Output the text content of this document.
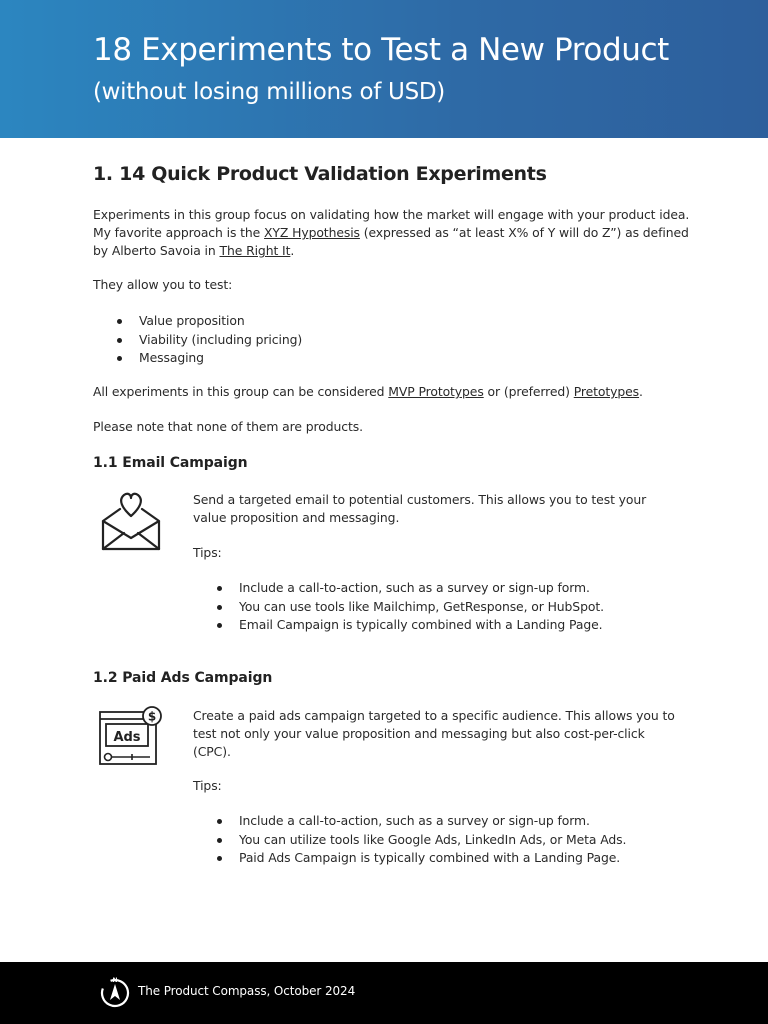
18 Experiments to Test a New Product
(without losing millions of USD)
1. 14 Quick Product Validation Experiments

Experiments in this group focus on validating how the market will engage with your product idea. My favorite approach is the XYZ Hypothesis (expressed as “at least X% of Y will do Z”) as defined by Alberto Savoia in The Right It.

They allow you to test:

Value proposition
Viability (including pricing)
Messaging

All experiments in this group can be considered MVP Prototypes or (preferred) Pretotypes.

Please note that none of them are products.

1.1 Email Campaign

Send a targeted email to potential customers. This allows you to test your value proposition and messaging.

Tips:

Include a call-to-action, such as a survey or sign-up form.
You can use tools like Mailchimp, GetResponse, or HubSpot.
Email Campaign is typically combined with a Landing Page.
1.2 Paid Ads Campaign
Ads
$	Create a paid ads campaign targeted to a specific audience. This allows you to test not only your value proposition and messaging but also cost-per-click (CPC).

Tips:

Include a call-to-action, such as a survey or sign-up form.
You can utilize tools like Google Ads, LinkedIn Ads, or Meta Ads.
Paid Ads Campaign is typically combined with a Landing Page.
N
The Product Compass, October 2024
